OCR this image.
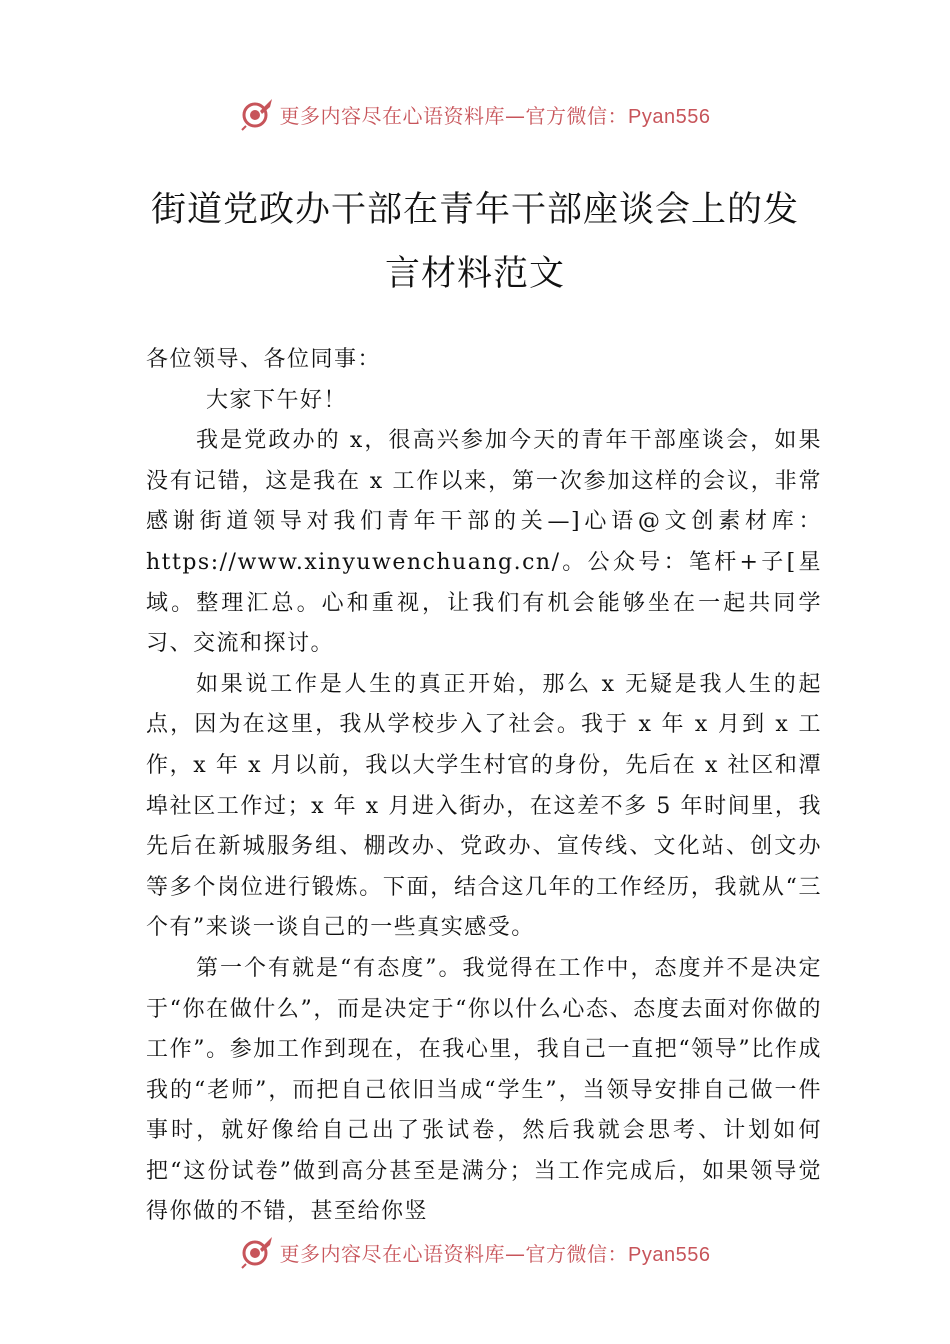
更多内容尽在心语资料库—官方微信：Pyan556
街道党政办干部在青年干部座谈会上的发
言材料范文

各位领导、各位同事：

大家下午好！

我是党政办的 x，很高兴参加今天的青年干部座谈会，如果没有记错，这是我在 x 工作以来，第一次参加这样的会议，非常感谢街道领导对我们青年干部的关—]心语@文创素材库：https://www.xinyuwenchuang.cn/。公众号：笔杆+子[星域。整理汇总。心和重视，让我们有机会能够坐在一起共同学习、交流和探讨。

如果说工作是人生的真正开始，那么 x 无疑是我人生的起点，因为在这里，我从学校步入了社会。我于 x 年 x 月到 x 工作，x 年 x 月以前，我以大学生村官的身份，先后在 x 社区和潭埠社区工作过；x 年 x 月进入街办，在这差不多 5 年时间里，我先后在新城服务组、棚改办、党政办、宣传线、文化站、创文办等多个岗位进行锻炼。下面，结合这几年的工作经历，我就从“三个有”来谈一谈自己的一些真实感受。

第一个有就是“有态度”。我觉得在工作中，态度并不是决定于“你在做什么”，而是决定于“你以什么心态、态度去面对你做的工作”。参加工作到现在，在我心里，我自己一直把“领导”比作成我的“老师”，而把自己依旧当成“学生”，当领导安排自己做一件事时，就好像给自己出了张试卷，然后我就会思考、计划如何把“这份试卷”做到高分甚至是满分；当工作完成后，如果领导觉得你做的不错，甚至给你竖

更多内容尽在心语资料库—官方微信：Pyan556
